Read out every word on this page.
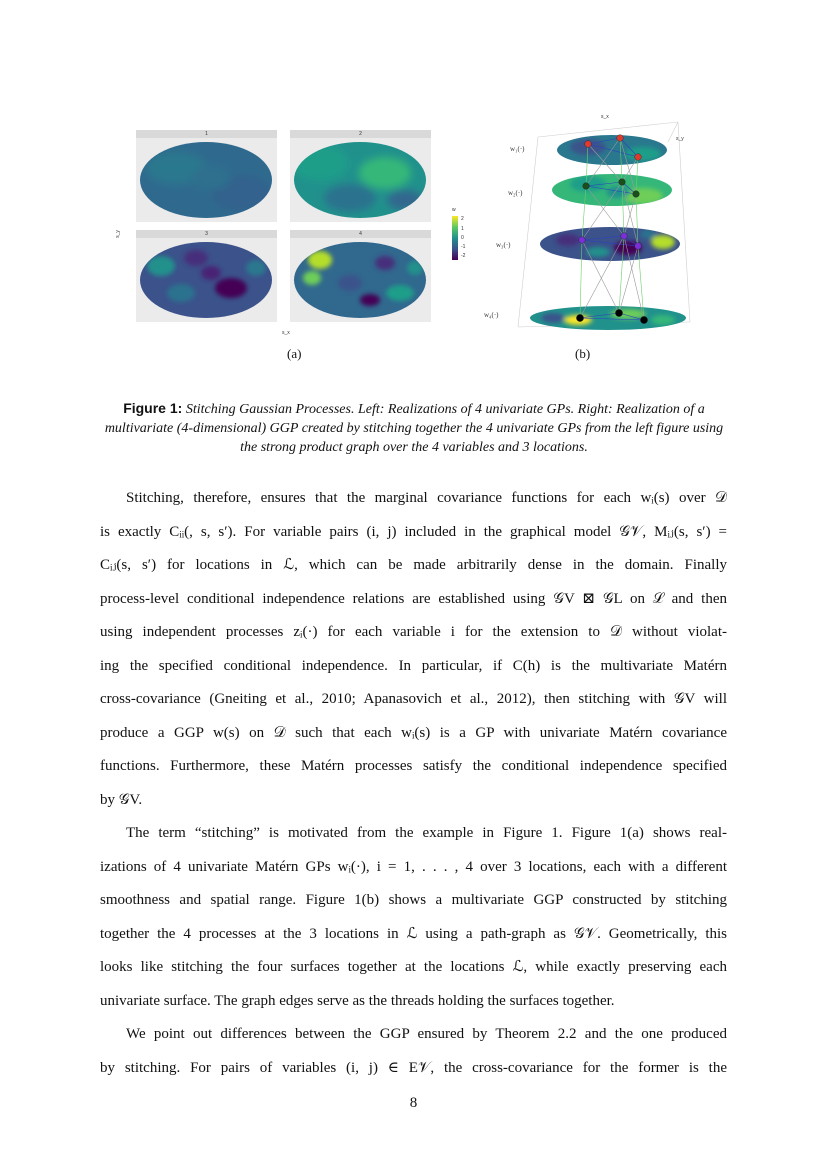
1	2
3	4
s_x
s_y
w
2
1
0
-1
-2
s_x
s_y
w₁(·)
w₂(·)
w₃(·)
w₄(·)
(a)	(b)
Figure 1: Stitching Gaussian Processes. Left: Realizations of 4 univariate GPs. Right: Realization of a multivariate (4-dimensional) GGP created by stitching together the 4 univariate GPs from the left figure using the strong product graph over the 4 variables and 3 locations.
Stitching, therefore, ensures that the marginal covariance functions for each wᵢ(s) over 𝒟
is exactly Cᵢᵢ(, s, s′). For variable pairs (i, j) included in the graphical model 𝒢𝒱, Mᵢⱼ(s, s′) =
Cᵢⱼ(s, s′) for locations in ℒ, which can be made arbitrarily dense in the domain. Finally
process-level conditional independence relations are established using 𝒢V ⊠ 𝒢L on ℒ and then
using independent processes zᵢ(·) for each variable i for the extension to 𝒟 without violat-
ing the specified conditional independence. In particular, if C(h) is the multivariate Matérn
cross-covariance (Gneiting et al., 2010; Apanasovich et al., 2012), then stitching with 𝒢V will
produce a GGP w(s) on 𝒟 such that each wᵢ(s) is a GP with univariate Matérn covariance
functions. Furthermore, these Matérn processes satisfy the conditional independence specified
by 𝒢V.
The term “stitching” is motivated from the example in Figure 1. Figure 1(a) shows real-
izations of 4 univariate Matérn GPs wᵢ(·), i = 1, . . . , 4 over 3 locations, each with a different
smoothness and spatial range. Figure 1(b) shows a multivariate GGP constructed by stitching
together the 4 processes at the 3 locations in ℒ using a path-graph as 𝒢𝒱. Geometrically, this
looks like stitching the four surfaces together at the locations ℒ, while exactly preserving each
univariate surface. The graph edges serve as the threads holding the surfaces together.
We point out differences between the GGP ensured by Theorem 2.2 and the one produced
by stitching. For pairs of variables (i, j) ∈ E𝒱, the cross-covariance for the former is the
8
